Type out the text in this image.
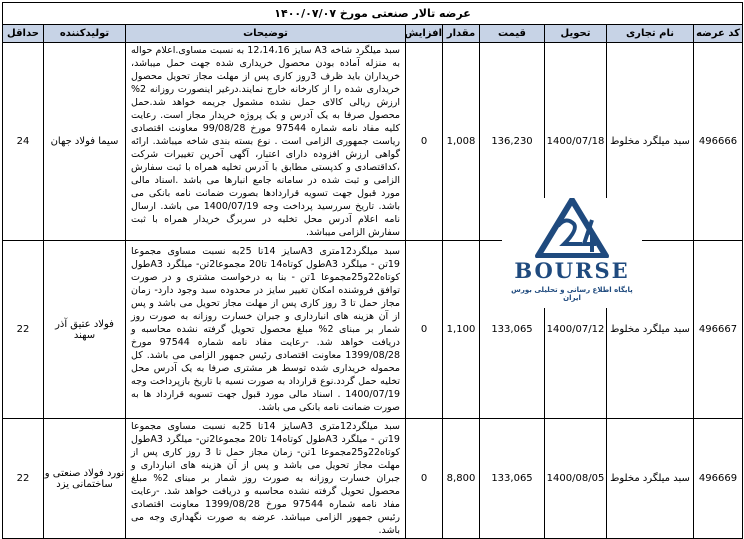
عرضه تالار صنعتی مورخ ۱۴۰۰/۰۷/۰۷								
کد عرضه	نام تجاری	تحویل	قیمت	مقدار	افزایش	توضیحات	تولیدکننده	حداقل
496666	سبد میلگرد مخلوط	1400/07/18	136,230	1,008	0	سبد میلگرد شاخه A3 سایز 12،14،16 به نسبت مساوی.اعلام حواله به منزله آماده بودن محصول خریداری شده جهت حمل میباشد، خریداران باید ظرف 3روز کاری پس از مهلت مجاز تحویل محصول خریداری شده را از کارخانه خارج نمایند.درغیر اینصورت روزانه 2% ارزش ریالی کالای حمل نشده مشمول جریمه خواهد شد.حمل محصول صرفا به یک آدرس و یک پروژه خریدار مجاز است. رعایت کلیه مفاد نامه شماره 97544 مورخ 99/08/28 معاونت اقتصادی ریاست جمهوری الزامی است . نوع بسته بندی شاخه میباشد. ارائه گواهی ارزش افزوده دارای اعتبار، آگهی آخرین تغییرات شرکت ،کداقتصادی و کدپستی مطابق با آدرس تخلیه همراه با ثبت سفارش الزامی و ثبت شده در سامانه جامع انبارها می باشد .اسناد مالی مورد قبول جهت تسویه قراردادها بصورت ضمانت نامه بانکی می باشد. تاریخ سررسید پرداخت وجه 1400/07/19 می باشد. ارسال نامه اعلام آدرس محل تخلیه در سربرگ خریدار همراه با ثبت سفارش الزامی میباشد.	سیما فولاد جهان	24
496667	سبد میلگرد مخلوط	1400/07/12	133,065	1,100	0	سبد میلگرد12متری A3سایز 14تا 25به نسبت مساوی مجموعا 19تن - میلگرد A3طول کوتاه14 تا20 مجموعا2تن- میلگرد A3طول کوتاه22و25مجموعا 1تن - بنا به درخواست مشتری و در صورت توافق فروشنده امکان تغییر سایز در محدوده سبد وجود دارد- زمان مجاز حمل تا 3 روز کاری پس از مهلت مجاز تحویل می باشد و پس از آن هزینه های انبارداری و جبران خسارت روزانه به صورت روز شمار بر مبنای 2% مبلغ محصول تحویل گرفته نشده محاسبه و دریافت خواهد شد. -رعایت مفاد نامه شماره 97544 مورخ 1399/08/28 معاونت اقتصادی رئیس جمهور الزامی می باشد. کل محموله خریداری شده توسط هر مشتری صرفا به یک آدرس محل تخلیه حمل گردد.نوع قرارداد به صورت نسیه با تاریخ بازپرداخت وجه 1400/07/19 . اسناد مالی مورد قبول جهت تسویه قرارداد ها به صورت ضمانت نامه بانکی می باشد.	فولاد عتیق آذر سهند	22
496669	سبد میلگرد مخلوط	1400/08/05	133,065	8,800	0	سبد میلگرد12متری A3سایز 14تا 25به نسبت مساوی مجموعا 19تن - میلگرد A3طول کوتاه14 تا20 مجموعا2تن- میلگرد A3طول کوتاه22و25مجموعا 1تن- زمان مجاز حمل تا 3 روز کاری پس از مهلت مجاز تحویل می باشد و پس از آن هزینه های انبارداری و جبران خسارت روزانه به صورت روز شمار بر مبنای 2% مبلغ محصول تحویل گرفته نشده محاسبه و دریافت خواهد شد. -رعایت مفاد نامه شماره 97544 مورخ 1399/08/28 معاونت اقتصادی رئیس جمهور الزامی میباشد. عرضه به صورت نگهداری وجه می باشد.	نورد فولاد صنعتی و ساختمانی یزد	22
BOURSE
پایگاه اطلاع رسانی و تحلیلی بورس ایران
